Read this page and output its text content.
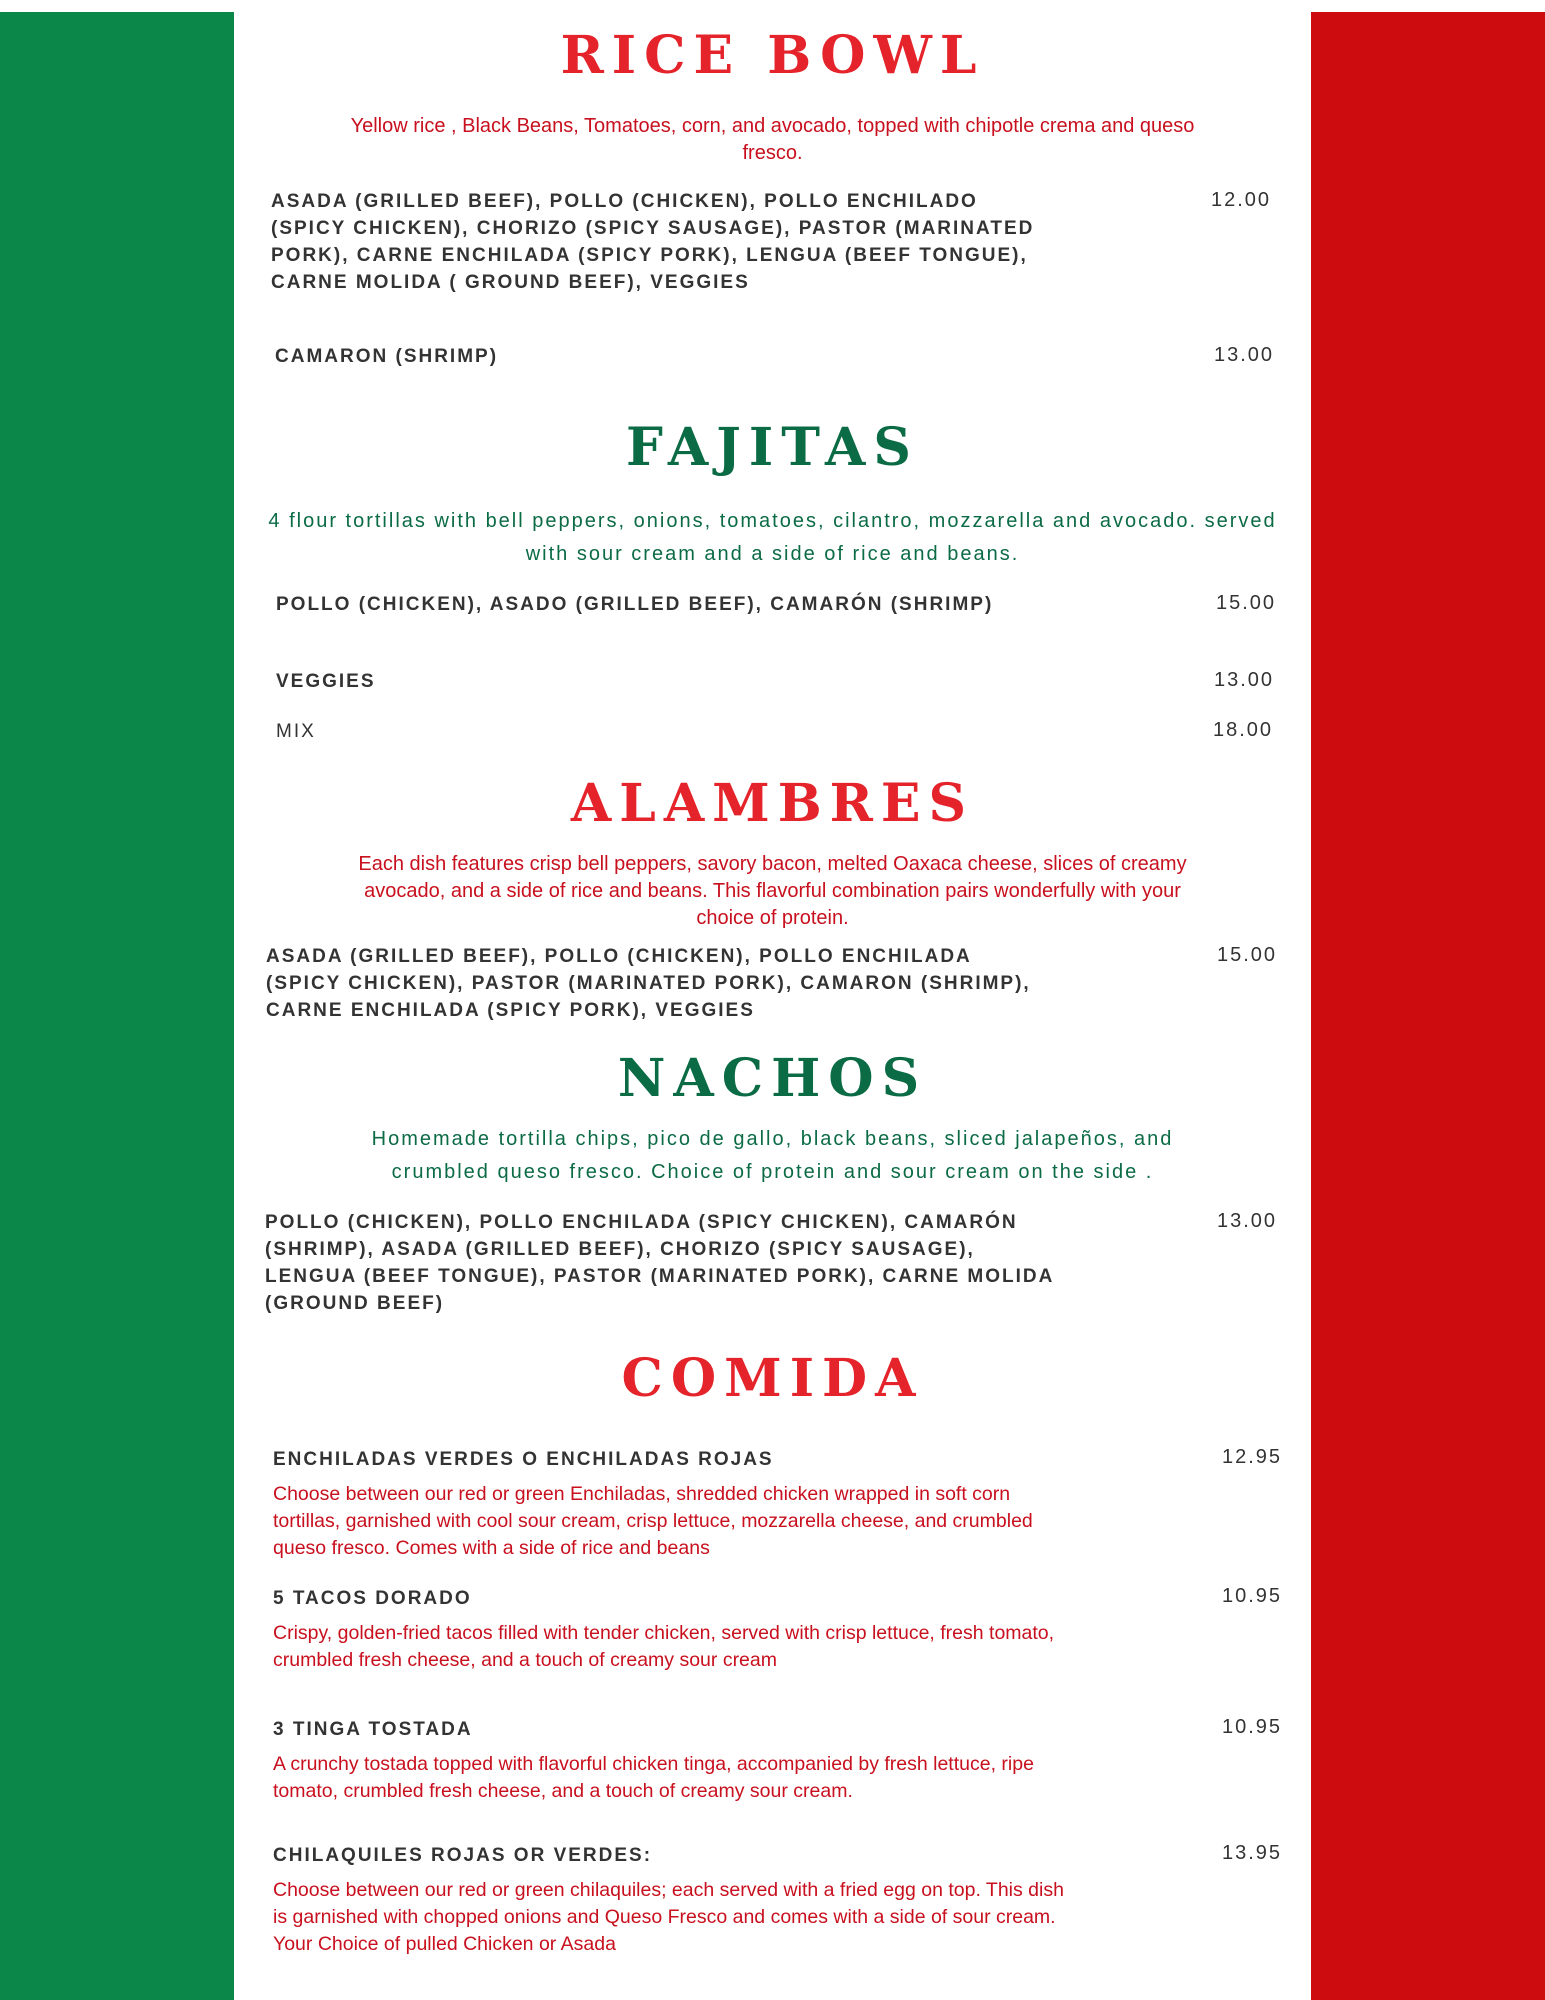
RICE BOWL
Yellow rice , Black Beans, Tomatoes, corn, and avocado, topped with chipotle crema and queso fresco.
ASADA (GRILLED BEEF), POLLO (CHICKEN), POLLO ENCHILADO (SPICY CHICKEN), CHORIZO (SPICY SAUSAGE), PASTOR (MARINATED PORK), CARNE ENCHILADA (SPICY PORK), LENGUA (BEEF TONGUE), CARNE MOLIDA ( GROUND BEEF), VEGGIES
12.00
CAMARON (SHRIMP)	13.00
FAJITAS
4 flour tortillas with bell peppers, onions, tomatoes, cilantro, mozzarella and avocado. served with sour cream and a side of rice and beans.
POLLO (CHICKEN), ASADO (GRILLED BEEF), CAMARÓN (SHRIMP)	15.00
VEGGIES	13.00
MIX	18.00
ALAMBRES
Each dish features crisp bell peppers, savory bacon, melted Oaxaca cheese, slices of creamy avocado, and a side of rice and beans. This flavorful combination pairs wonderfully with your choice of protein.
ASADA (GRILLED BEEF), POLLO (CHICKEN), POLLO ENCHILADA (SPICY CHICKEN), PASTOR (MARINATED PORK), CAMARON (SHRIMP), CARNE ENCHILADA (SPICY PORK), VEGGIES
15.00
NACHOS
Homemade tortilla chips, pico de gallo, black beans, sliced jalapeños, and crumbled queso fresco. Choice of protein and sour cream on the side .
POLLO (CHICKEN), POLLO ENCHILADA (SPICY CHICKEN), CAMARÓN (SHRIMP), ASADA (GRILLED BEEF), CHORIZO (SPICY SAUSAGE), LENGUA (BEEF TONGUE), PASTOR (MARINATED PORK), CARNE MOLIDA (GROUND BEEF)
13.00
COMIDA
ENCHILADAS VERDES O ENCHILADAS ROJAS	12.95
Choose between our red or green Enchiladas, shredded chicken wrapped in soft corn tortillas, garnished with cool sour cream, crisp lettuce, mozzarella cheese, and crumbled queso fresco. Comes with a side of rice and beans
5 TACOS DORADO	10.95
Crispy, golden-fried tacos filled with tender chicken, served with crisp lettuce, fresh tomato, crumbled fresh cheese, and a touch of creamy sour cream
3 TINGA TOSTADA	10.95
A crunchy tostada topped with flavorful chicken tinga, accompanied by fresh lettuce, ripe tomato, crumbled fresh cheese, and a touch of creamy sour cream.
CHILAQUILES ROJAS OR VERDES:	13.95
Choose between our red or green chilaquiles; each served with a fried egg on top. This dish is garnished with chopped onions and Queso Fresco and comes with a side of sour cream. Your Choice of pulled Chicken or Asada
